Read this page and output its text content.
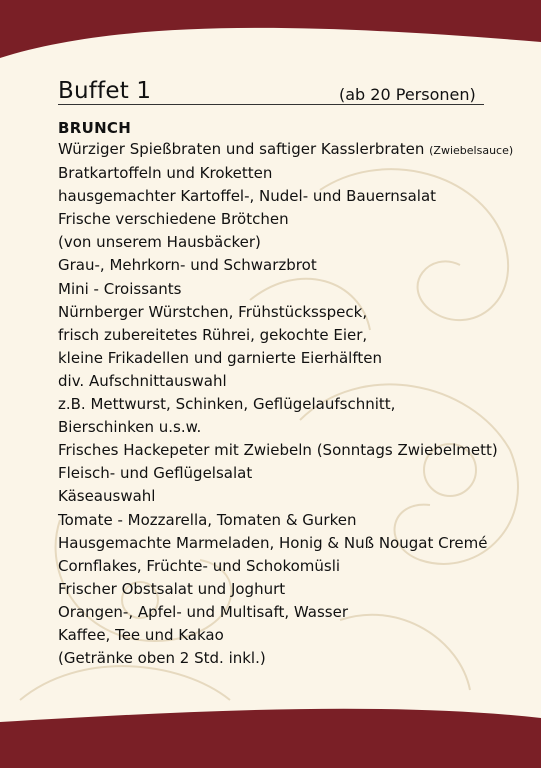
Buffet 1	(ab 20 Personen)
BRUNCH
Würziger Spießbraten und saftiger Kasslerbraten (Zwiebelsauce)
Bratkartoffeln und Kroketten
hausgemachter Kartoffel-, Nudel- und Bauernsalat
Frische verschiedene Brötchen
(von unserem Hausbäcker)
Grau-, Mehrkorn- und Schwarzbrot
Mini - Croissants
Nürnberger Würstchen, Frühstücksspeck,
frisch zubereitetes Rührei, gekochte Eier,
kleine Frikadellen und garnierte Eierhälften
div. Aufschnittauswahl
z.B. Mettwurst, Schinken, Geflügelaufschnitt,
Bierschinken u.s.w.
Frisches Hackepeter mit Zwiebeln (Sonntags Zwiebelmett)
Fleisch- und Geflügelsalat
Käseauswahl
Tomate - Mozzarella, Tomaten & Gurken
Hausgemachte Marmeladen, Honig & Nuß Nougat Cremé
Cornflakes, Früchte- und Schokomüsli
Frischer Obstsalat und Joghurt
Orangen-, Apfel- und Multisaft, Wasser
Kaffee, Tee und Kakao
(Getränke oben 2 Std. inkl.)
